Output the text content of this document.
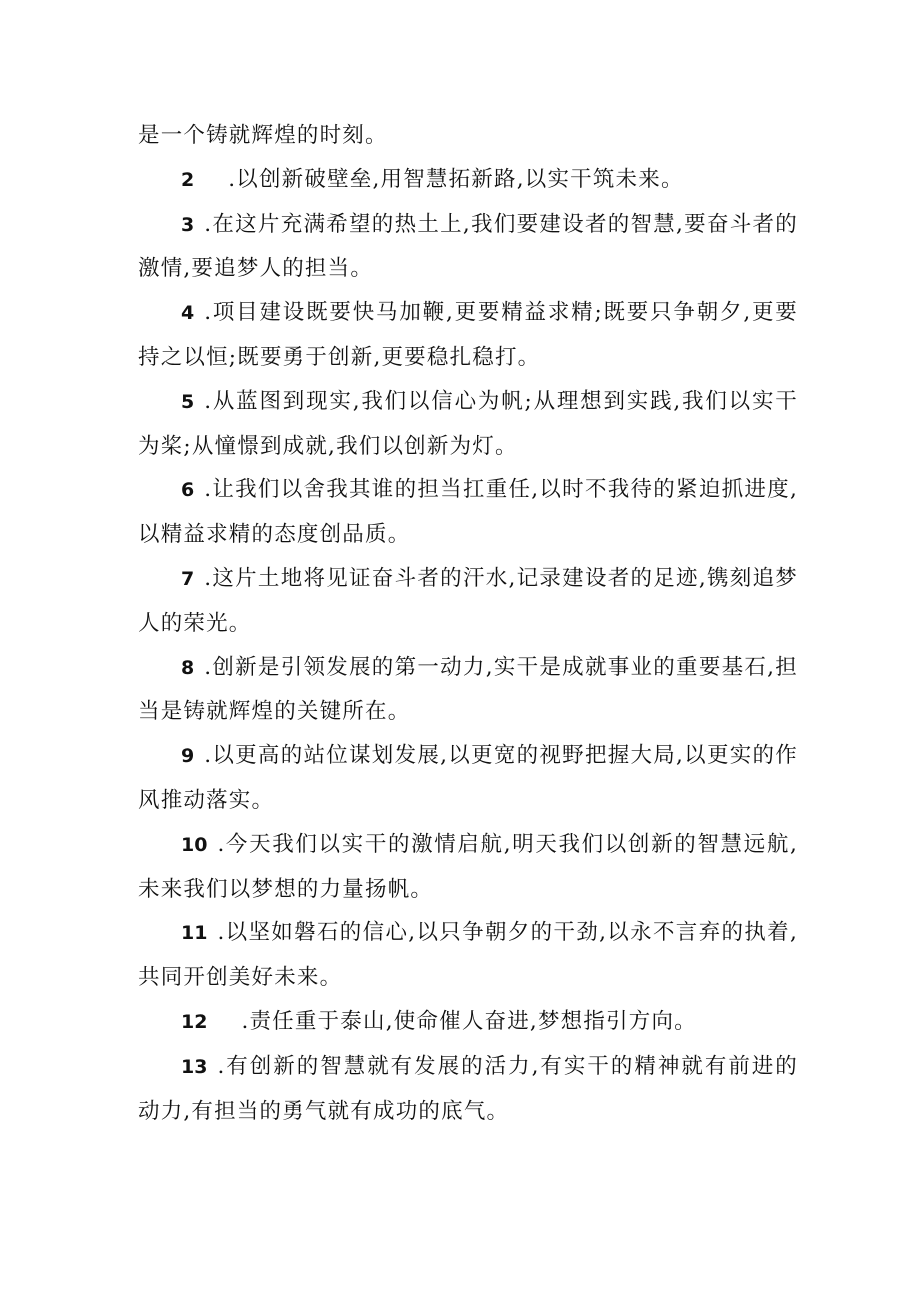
是一个铸就辉煌的时刻。

2 .以创新破壁垒,用智慧拓新路,以实干筑未来。

3 .在这片充满希望的热土上,我们要建设者的智慧,要奋斗者的激情,要追梦人的担当。

4 .项目建设既要快马加鞭,更要精益求精;既要只争朝夕,更要持之以恒;既要勇于创新,更要稳扎稳打。

5 .从蓝图到现实,我们以信心为帆;从理想到实践,我们以实干为桨;从憧憬到成就,我们以创新为灯。

6 .让我们以舍我其谁的担当扛重任,以时不我待的紧迫抓进度,以精益求精的态度创品质。

7 .这片土地将见证奋斗者的汗水,记录建设者的足迹,镌刻追梦人的荣光。

8 .创新是引领发展的第一动力,实干是成就事业的重要基石,担当是铸就辉煌的关键所在。

9 .以更高的站位谋划发展,以更宽的视野把握大局,以更实的作风推动落实。

10 .今天我们以实干的激情启航,明天我们以创新的智慧远航,未来我们以梦想的力量扬帆。

11 .以坚如磐石的信心,以只争朝夕的干劲,以永不言弃的执着,共同开创美好未来。

12 .责任重于泰山,使命催人奋进,梦想指引方向。

13 .有创新的智慧就有发展的活力,有实干的精神就有前进的动力,有担当的勇气就有成功的底气。
